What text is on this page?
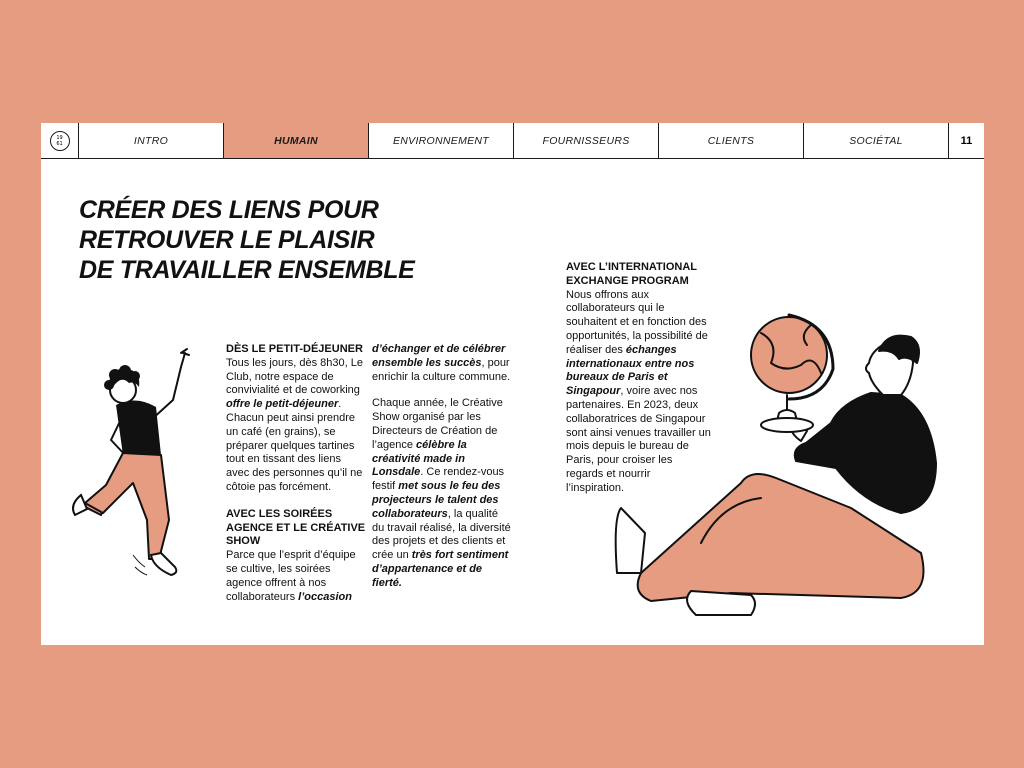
19
61	INTRO	HUMAIN	ENVIRONNEMENT	FOURNISSEURS	CLIENTS	SOCIÉTAL	11
CRÉER DES LIENS POUR
RETROUVER LE PLAISIR
DE TRAVAILLER ENSEMBLE

DÈS LE PETIT-DÉJEUNER
Tous les jours, dès 8h30, Le Club, notre espace de convivialité et de coworking offre le petit-déjeuner. Chacun peut ainsi prendre un café (en grains), se préparer quelques tartines tout en tissant des liens avec des personnes qu’il ne côtoie pas forcément.

AVEC LES SOIRÉES AGENCE ET LE CRÉATIVE SHOW
Parce que l’esprit d’équipe se cultive, les soirées agence offrent à nos collaborateurs l’occasion

d’échanger et de célébrer ensemble les succès, pour enrichir la culture commune.

Chaque année, le Créative Show organisé par les Directeurs de Création de l’agence célèbre la créativité made in Lonsdale. Ce rendez-vous festif met sous le feu des projecteurs le talent des collaborateurs, la qualité du travail réalisé, la diversité des projets et des clients et crée un très fort sentiment d’appartenance et de fierté.

AVEC L’INTERNATIONAL EXCHANGE PROGRAM
Nous offrons aux collaborateurs qui le souhaitent et en fonction des opportunités, la possibilité de réaliser des échanges internationaux entre nos bureaux de Paris et Singapour, voire avec nos partenaires. En 2023, deux collaboratrices de Singapour sont ainsi venues travailler un mois depuis le bureau de Paris, pour croiser les regards et nourrir l’inspiration.
